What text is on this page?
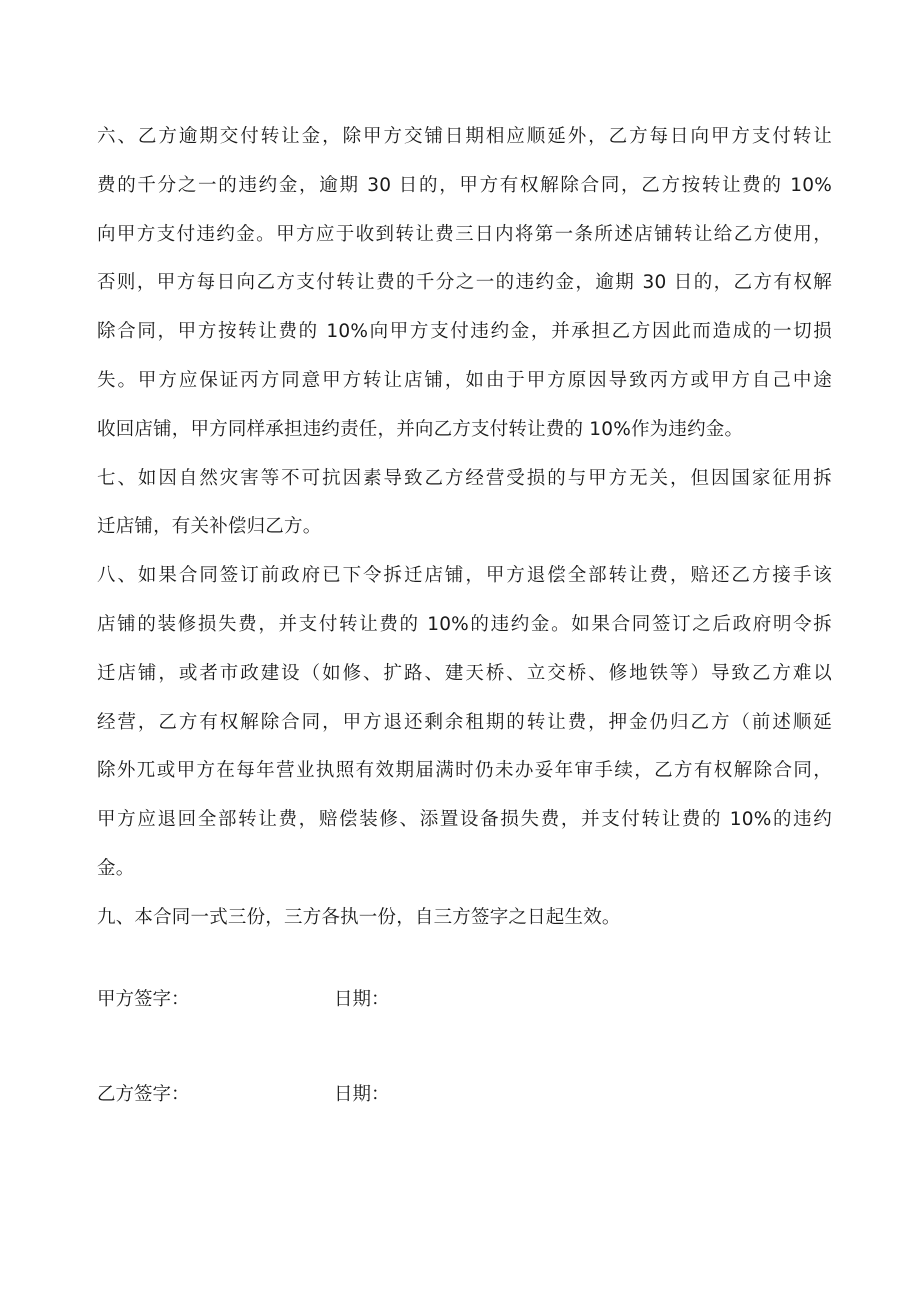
六、乙方逾期交付转让金，除甲方交铺日期相应顺延外，乙方每日向甲方支付转让
费的千分之一的违约金，逾期 30 日的，甲方有权解除合同，乙方按转让费的 10%
向甲方支付违约金。甲方应于收到转让费三日内将第一条所述店铺转让给乙方使用，
否则，甲方每日向乙方支付转让费的千分之一的违约金，逾期 30 日的，乙方有权解
除合同，甲方按转让费的 10%向甲方支付违约金，并承担乙方因此而造成的一切损
失。甲方应保证丙方同意甲方转让店铺，如由于甲方原因导致丙方或甲方自己中途
收回店铺，甲方同样承担违约责任，并向乙方支付转让费的 10%作为违约金。

七、如因自然灾害等不可抗因素导致乙方经营受损的与甲方无关，但因国家征用拆
迁店铺，有关补偿归乙方。

八、如果合同签订前政府已下令拆迁店铺，甲方退偿全部转让费，赔还乙方接手该
店铺的装修损失费，并支付转让费的 10%的违约金。如果合同签订之后政府明令拆
迁店铺，或者市政建设（如修、扩路、建天桥、立交桥、修地铁等）导致乙方难以
经营，乙方有权解除合同，甲方退还剩余租期的转让费，押金仍归乙方（前述顺延
除外兀或甲方在每年营业执照有效期届满时仍未办妥年审手续，乙方有权解除合同，
甲方应退回全部转让费，赔偿装修、添置设备损失费，并支付转让费的 10%的违约
金。

九、本合同一式三份，三方各执一份，自三方签字之日起生效。

甲方签字：	日期：
乙方签字：	日期：
